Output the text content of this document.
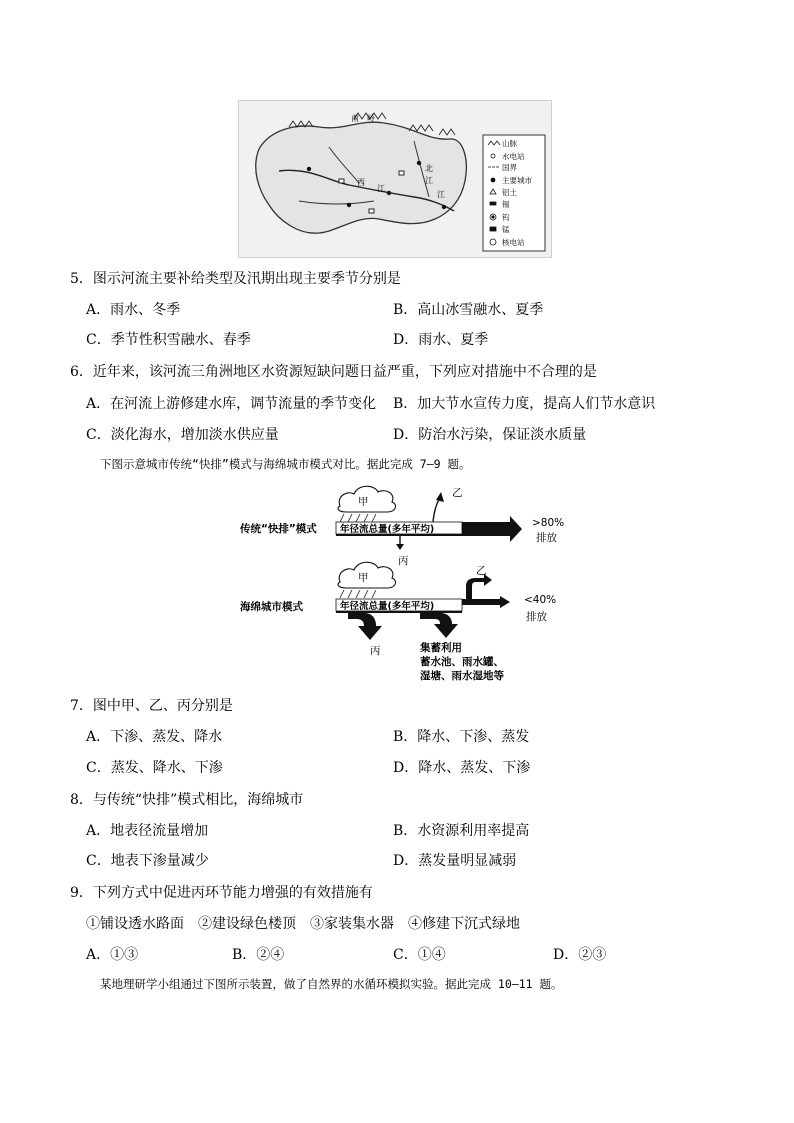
南　岭
西
江
北
江
江
山脉
水电站
国界
主要城市
铝土
锡
钨
锰
核电站
5．图示河流主要补给类型及汛期出现主要季节分别是
A．雨水、冬季	B．高山冰雪融水、夏季
C．季节性积雪融水、春季	D．雨水、夏季
6．近年来，该河流三角洲地区水资源短缺问题日益严重，下列应对措施中不合理的是
A．在河流上游修建水库，调节流量的季节变化 B．加大节水宣传力度，提高人们节水意识
C．淡化海水，增加淡水供应量	D．防治水污染，保证淡水质量
下图示意城市传统“快排”模式与海绵城市模式对比。据此完成 7—9 题。
甲
乙
年径流总量(多年平均)
丙
传统“快排”模式	>80%
排放
甲
年径流总量(多年平均)
乙
丙
海绵城市模式
<40%
排放
集蓄利用
蓄水池、雨水罐、
湿塘、雨水湿地等
7．图中甲、乙、丙分别是
A．下渗、蒸发、降水	B．降水、下渗、蒸发
C．蒸发、降水、下渗	D．降水、蒸发、下渗
8．与传统“快排”模式相比，海绵城市
A．地表径流量增加	B．水资源利用率提高
C．地表下渗量减少	D．蒸发量明显减弱
9．下列方式中促进丙环节能力增强的有效措施有
①铺设透水路面　②建设绿色楼顶　③家装集水器　④修建下沉式绿地
A．①③	B．②④	C．①④	D．②③
某地理研学小组通过下图所示装置，做了自然界的水循环模拟实验。据此完成 10—11 题。
